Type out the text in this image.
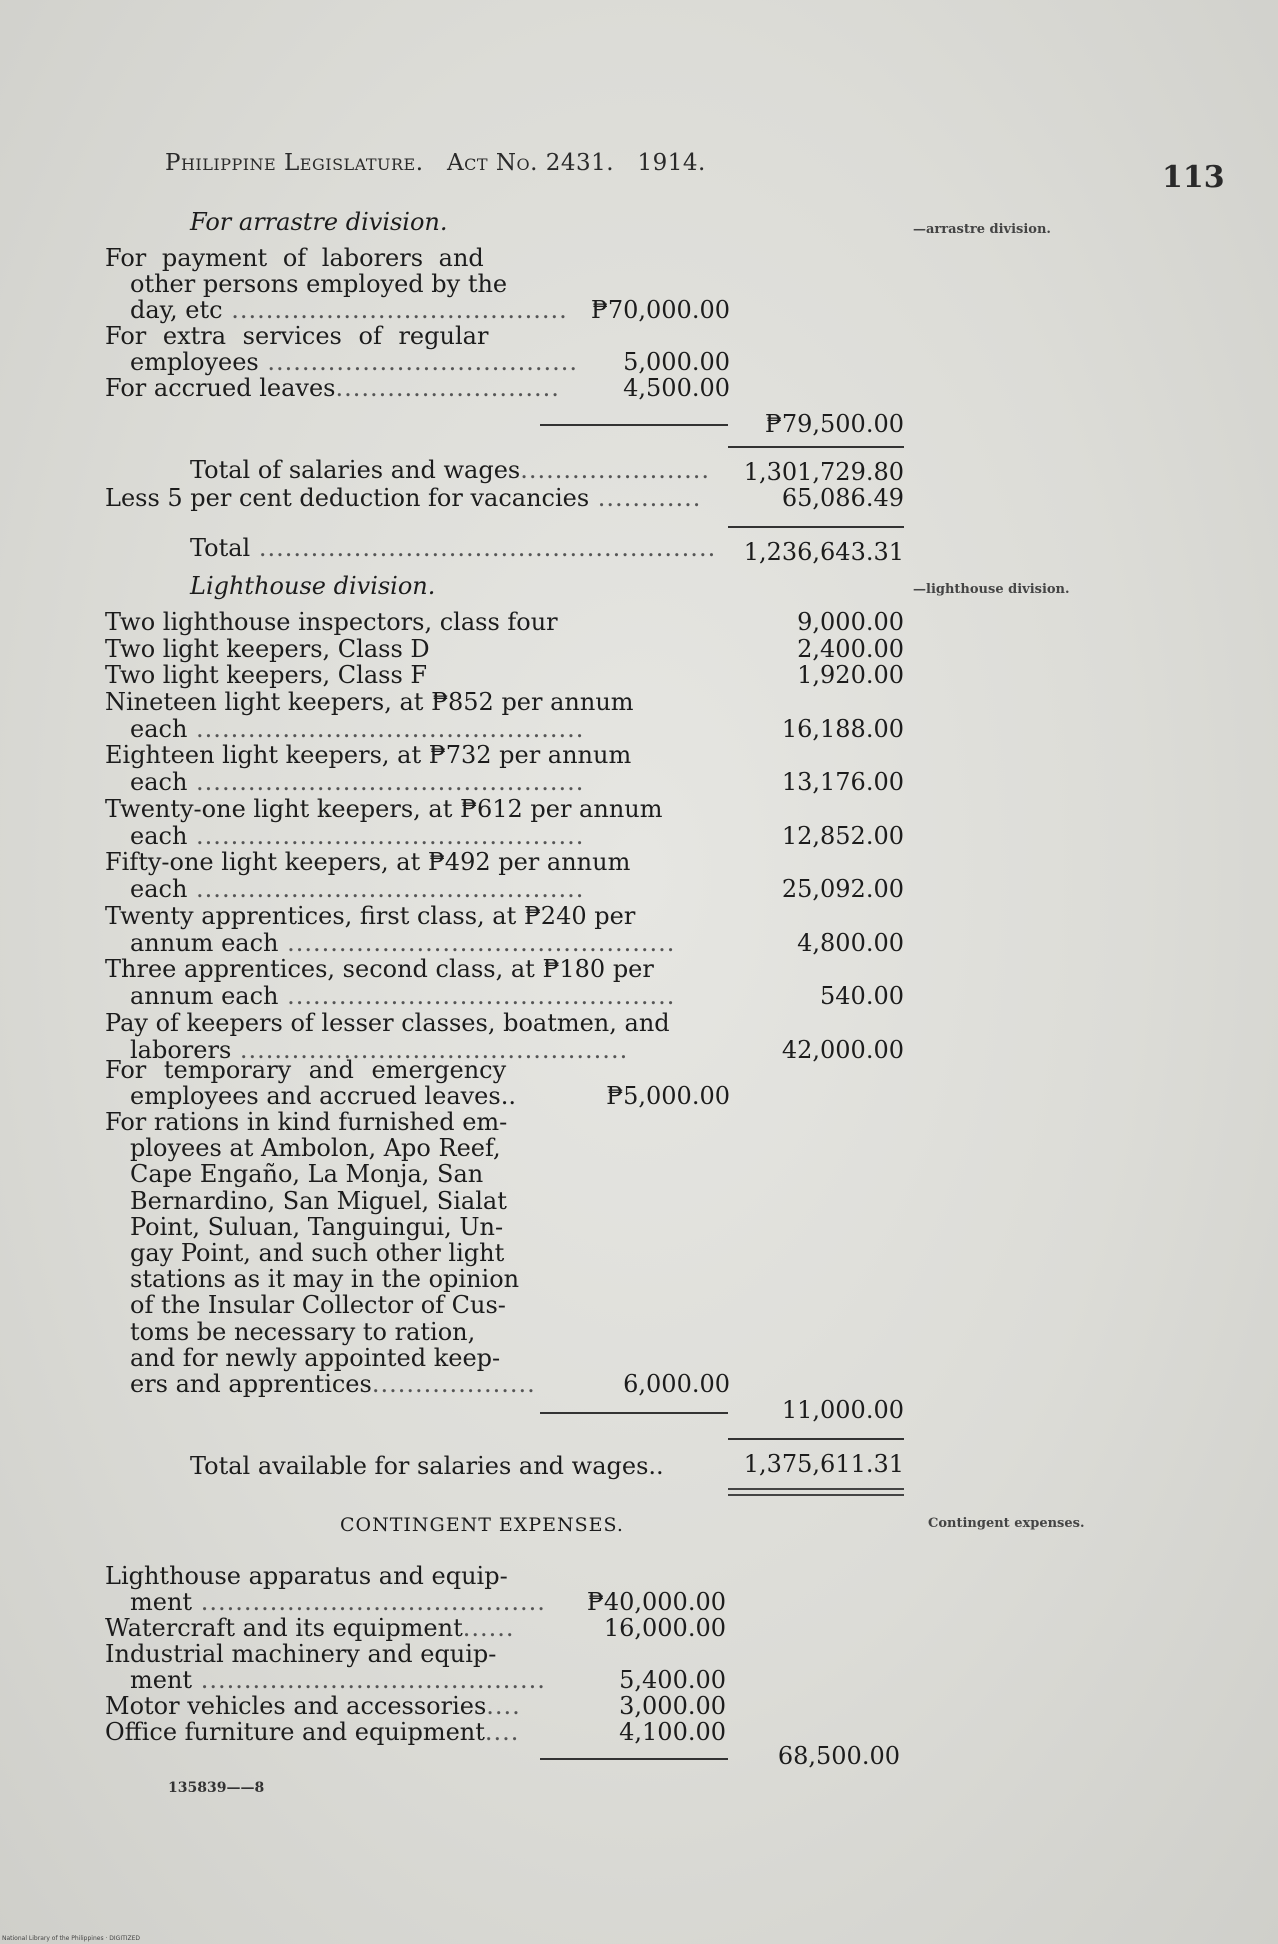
Philippine Legislature. Act No. 2431. 1914.	113
For arrastre division.	—arrastre division.
For payment of laborers and
other persons employed by the
day, etc ....................................... ₱70,000.00
For extra services of regular
employees ....................................	5,000.00
For accrued leaves..........................	4,500.00
₱79,500.00
Total of salaries and wages......................	1,301,729.80
Less 5 per cent deduction for vacancies ............	65,086.49
Total .....................................................	1,236,643.31
Lighthouse division.	—lighthouse division.
Two lighthouse inspectors, class four	9,000.00
Two light keepers, Class D	2,400.00
Two light keepers, Class F	1,920.00
Nineteen light keepers, at ₱852 per annum
each .............................................	16,188.00
Eighteen light keepers, at ₱732 per annum
each .............................................	13,176.00
Twenty-one light keepers, at ₱612 per annum
each .............................................	12,852.00
Fifty-one light keepers, at ₱492 per annum
each .............................................	25,092.00
Twenty apprentices, first class, at ₱240 per
annum each .............................................	4,800.00
Three apprentices, second class, at ₱180 per
annum each .............................................	540.00
Pay of keepers of lesser classes, boatmen, and
laborers .............................................	42,000.00
For temporary and emergency
employees and accrued leaves..	₱5,000.00
For rations in kind furnished em-
ployees at Ambolon, Apo Reef,
Cape Engaño, La Monja, San
Bernardino, San Miguel, Sialat
Point, Suluan, Tanguingui, Un-
gay Point, and such other light
stations as it may in the opinion
of the Insular Collector of Cus-
toms be necessary to ration,
and for newly appointed keep-
ers and apprentices...................	6,000.00
11,000.00
Total available for salaries and wages..	1,375,611.31
CONTINGENT EXPENSES.	Contingent expenses.
Lighthouse apparatus and equip-
ment ........................................	₱40,000.00
Watercraft and its equipment......	16,000.00
Industrial machinery and equip-
ment ........................................	5,400.00
Motor vehicles and accessories....	3,000.00
Office furniture and equipment....	4,100.00
68,500.00
135839——8
National Library of the Philippines · DIGITIZED
